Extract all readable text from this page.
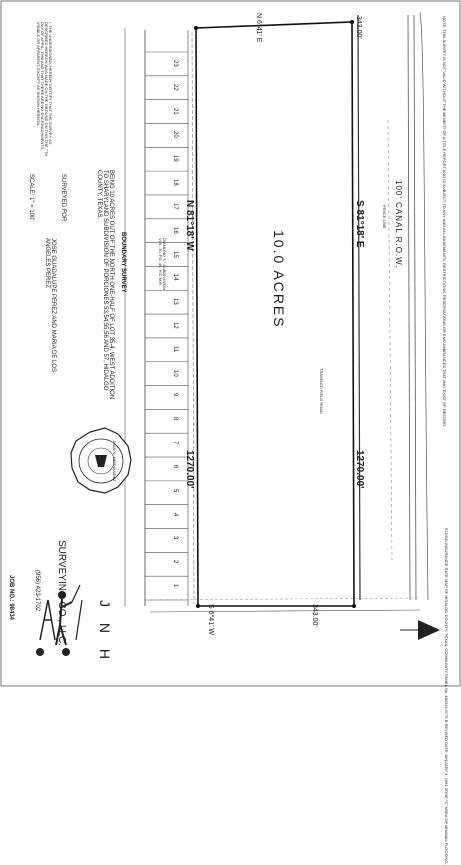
NOTE: THIS SURVEY IS NOT VALID WITHOUT THE BENEFIT OF A TITLE REPORT AND IS SUBJECT TO ANY AND ALL EASEMENTS, RESTRICTIONS, RESERVATIONS OR ENCUMBRANCES THAT MAY EXIST OF RECORD.
FLOOD INSURANCE RATE MAP OF HIDALGO COUNTY, TEXAS, COMMUNITY PANEL No. 480334 0175 B REVISED DATE JANUARY 4, 1991 ZONE "C" AREA OF MINIMAL FLOODING.
N 6°41' E	343.00'
S 6°41' W	343.00'
S 81°18' E
1270.00'
N 81°18' W
1270.00'
10.0 ACRES
100' CANAL R.O.W.
TRAVELED FIELD ROAD
FENCE LINE
DIAMOND "L" SUBDIVISION VOL. 30, PG. 49, H.C.M.R.
23
22
21
20
19
18
17
16
15
14
13
12
11
10
9
8
7
6
5
4
3
2
1
I, THE UNDERSIGNED, HEREBY CERTIFY THAT THE SURVEY AS DESCRIBED HEREON WAS MADE ON THE GROUND ON THIS THE 7TH DAY OF APRIL, 1998 AND THAT THERE ARE NO ENCROACHMENTS, VISIBLE OR APPARENT, EXCEPT AS SHOWN HEREON.
BOUNDARY SURVEY
BEING 10 ACRES OUT OF THE NORTH ONE-HALF OF LOT 35-4, WEST ADDITION TO SHARYLAND SUBDIVISION OF PORCIONES 53,54,55,56 AND 57, HIDALGO COUNTY, TEXAS.
SURVEYED FOR:
JOSE GUADALUPE PEREZ AND MARIA DE LOS ANGELES PEREZ
SCALE: 1" = 100'
J N H
SURVEYING CO., LLC.
(956) 423-1702
JOB NO.: 98434
JUAN N. HERNANDEZ
